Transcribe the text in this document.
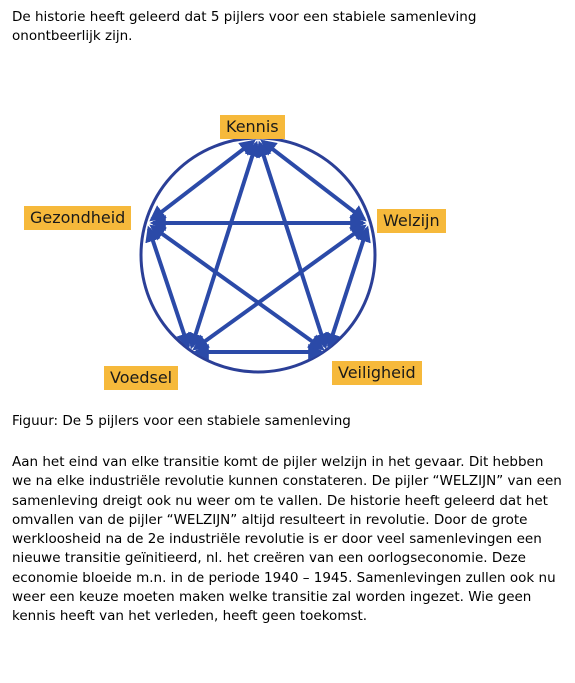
De historie heeft geleerd dat 5 pijlers voor een stabiele samenleving onontbeerlijk zijn.

Kennis
Welzijn
Veiligheid
Voedsel
Gezondheid

Figuur: De 5 pijlers voor een stabiele samenleving

Aan het eind van elke transitie komt de pijler welzijn in het gevaar. Dit hebben we na elke industriële revolutie kunnen constateren. De pijler “WELZIJN” van een samenleving dreigt ook nu weer om te vallen. De historie heeft geleerd dat het omvallen van de pijler “WELZIJN” altijd resulteert in revolutie. Door de grote werkloosheid na de 2e industriële revolutie is er door veel samenlevingen een nieuwe transitie geïnitieerd, nl. het creëren van een oorlogseconomie. Deze economie bloeide m.n. in de periode 1940 – 1945. Samenlevingen zullen ook nu weer een keuze moeten maken welke transitie zal worden ingezet. Wie geen kennis heeft van het verleden, heeft geen toekomst.
